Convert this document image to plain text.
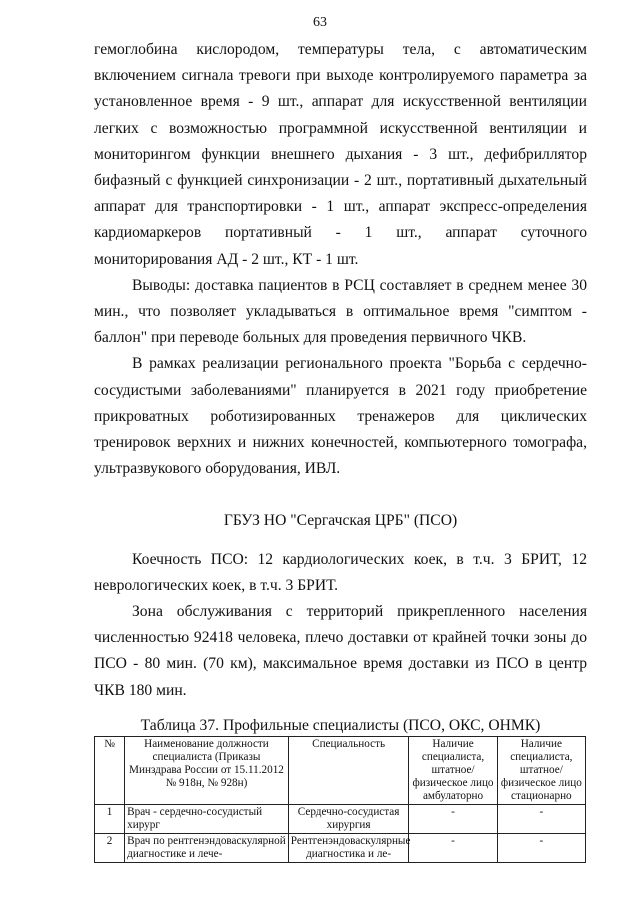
63

гемоглобина кислородом, температуры тела, с автоматическим включением сигнала тревоги при выходе контролируемого параметра за установленное время - 9 шт., аппарат для искусственной вентиляции легких с возможностью программной искусственной вентиляции и мониторингом функции внешнего дыхания - 3 шт., дефибриллятор бифазный с функцией синхронизации - 2 шт., портативный дыхательный аппарат для транспортировки - 1 шт., аппарат экспресс-определения кардиомаркеров портативный - 1 шт., аппарат суточного мониторирования АД - 2 шт., КТ - 1 шт.

Выводы: доставка пациентов в РСЦ составляет в среднем менее 30 мин., что позволяет укладываться в оптимальное время "симптом - баллон" при переводе больных для проведения первичного ЧКВ.

В рамках реализации регионального проекта "Борьба с сердечно-сосудистыми заболеваниями" планируется в 2021 году приобретение прикроватных роботизированных тренажеров для циклических тренировок верхних и нижних конечностей, компьютерного томографа, ультразвукового оборудования, ИВЛ.

ГБУЗ НО "Сергачская ЦРБ" (ПСО)

Коечность ПСО: 12 кардиологических коек, в т.ч. 3 БРИТ, 12 неврологических коек, в т.ч. 3 БРИТ.

Зона обслуживания с территорий прикрепленного населения численностью 92418 человека, плечо доставки от крайней точки зоны до ПСО - 80 мин. (70 км), максимальное время доставки из ПСО в центр ЧКВ 180 мин.

Таблица 37. Профильные специалисты (ПСО, ОКС, ОНМК)

№	Наименование должности специалиста (Приказы Минздрава России от 15.11.2012 № 918н, № 928н)	Специальность	Наличие специалиста, штатное/физическое лицо амбулаторно	Наличие специалиста, штатное/физическое лицо стационарно
1	Врач - сердечно-сосудистый хирург	Сердечно-сосудистая хирургия	-	-
2	Врач по рентгенэндоваскулярной диагностике и лече-	Рентгенэндоваскулярные диагностика и ле-	-	-
